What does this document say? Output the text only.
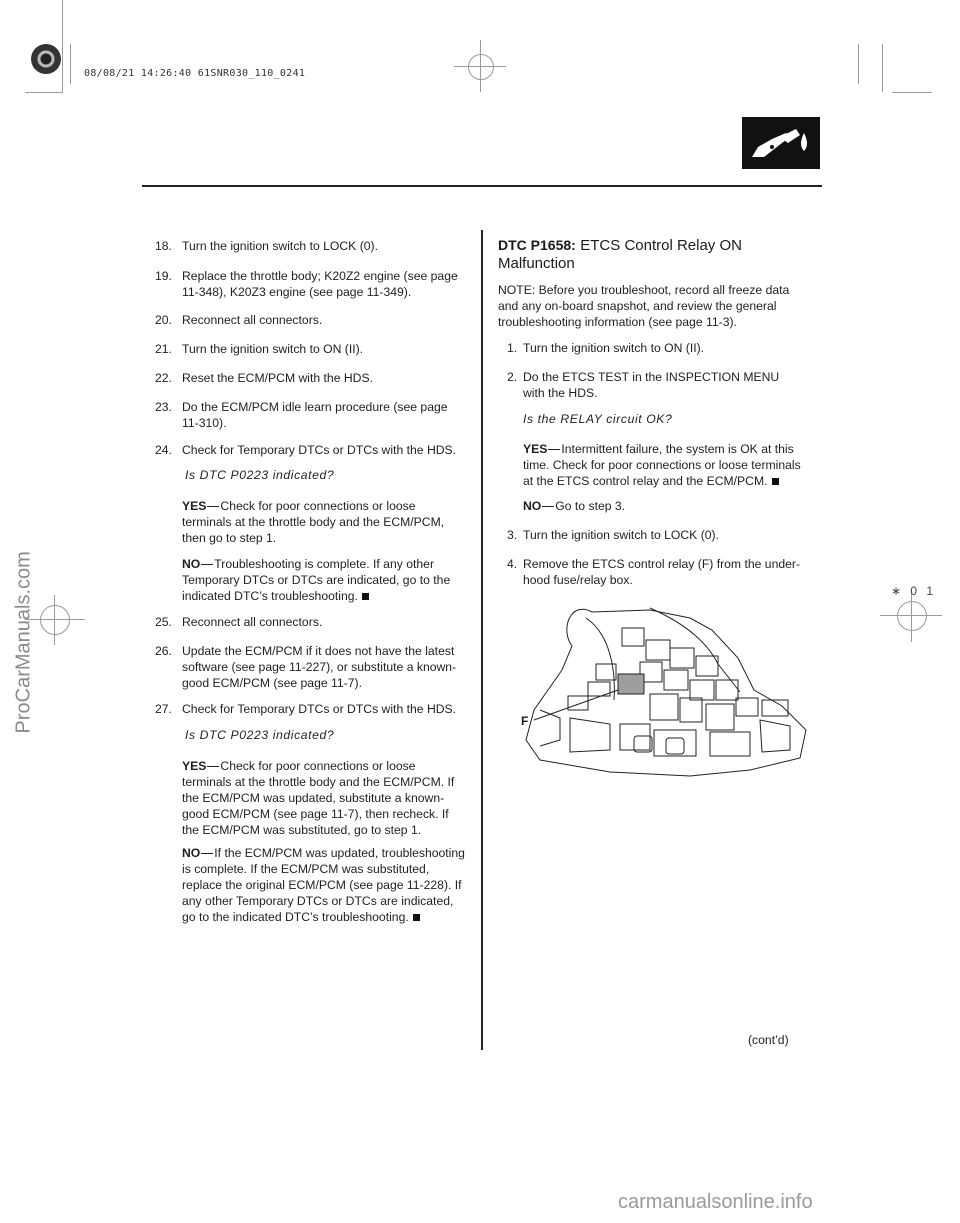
08/08/21 14:26:40 61SNR030_110_0241
ProCarManuals.com
18. Turn the ignition switch to LOCK (0).
19. Replace the throttle body; K20Z2 engine (see page 11-348), K20Z3 engine (see page 11-349).
20. Reconnect all connectors.
21. Turn the ignition switch to ON (II).
22. Reset the ECM/PCM with the HDS.
23. Do the ECM/PCM idle learn procedure (see page 11-310).
24. Check for Temporary DTCs or DTCs with the HDS.
Is DTC P0223 indicated?
YES Check for poor connections or loose terminals at the throttle body and the ECM/PCM, then go to step 1.
NO Troubleshooting is complete. If any other Temporary DTCs or DTCs are indicated, go to the indicated DTC’s troubleshooting.
25. Reconnect all connectors.
26. Update the ECM/PCM if it does not have the latest software (see page 11-227), or substitute a known-good ECM/PCM (see page 11-7).
27. Check for Temporary DTCs or DTCs with the HDS.
Is DTC P0223 indicated?
YES Check for poor connections or loose terminals at the throttle body and the ECM/PCM. If the ECM/PCM was updated, substitute a known-good ECM/PCM (see page 11-7), then recheck. If the ECM/PCM was substituted, go to step 1.
NO If the ECM/PCM was updated, troubleshooting is complete. If the ECM/PCM was substituted, replace the original ECM/PCM (see page 11-228). If any other Temporary DTCs or DTCs are indicated, go to the indicated DTC’s troubleshooting.
DTC P1658: ETCS Control Relay ON
Malfunction
NOTE: Before you troubleshoot, record all freeze data and any on-board snapshot, and review the general troubleshooting information (see page 11-3).
1. Turn the ignition switch to ON (II).
2. Do the ETCS TEST in the INSPECTION MENU with the HDS.
Is the RELAY circuit OK?
YES Intermittent failure, the system is OK at this time. Check for poor connections or loose terminals at the ETCS control relay and the ECM/PCM.
NO Go to step 3.
3. Turn the ignition switch to LOCK (0).
4. Remove the ETCS control relay (F) from the under-hood fuse/relay box.
F
(cont’d)
∗ 0 1
carmanualsonline.info
